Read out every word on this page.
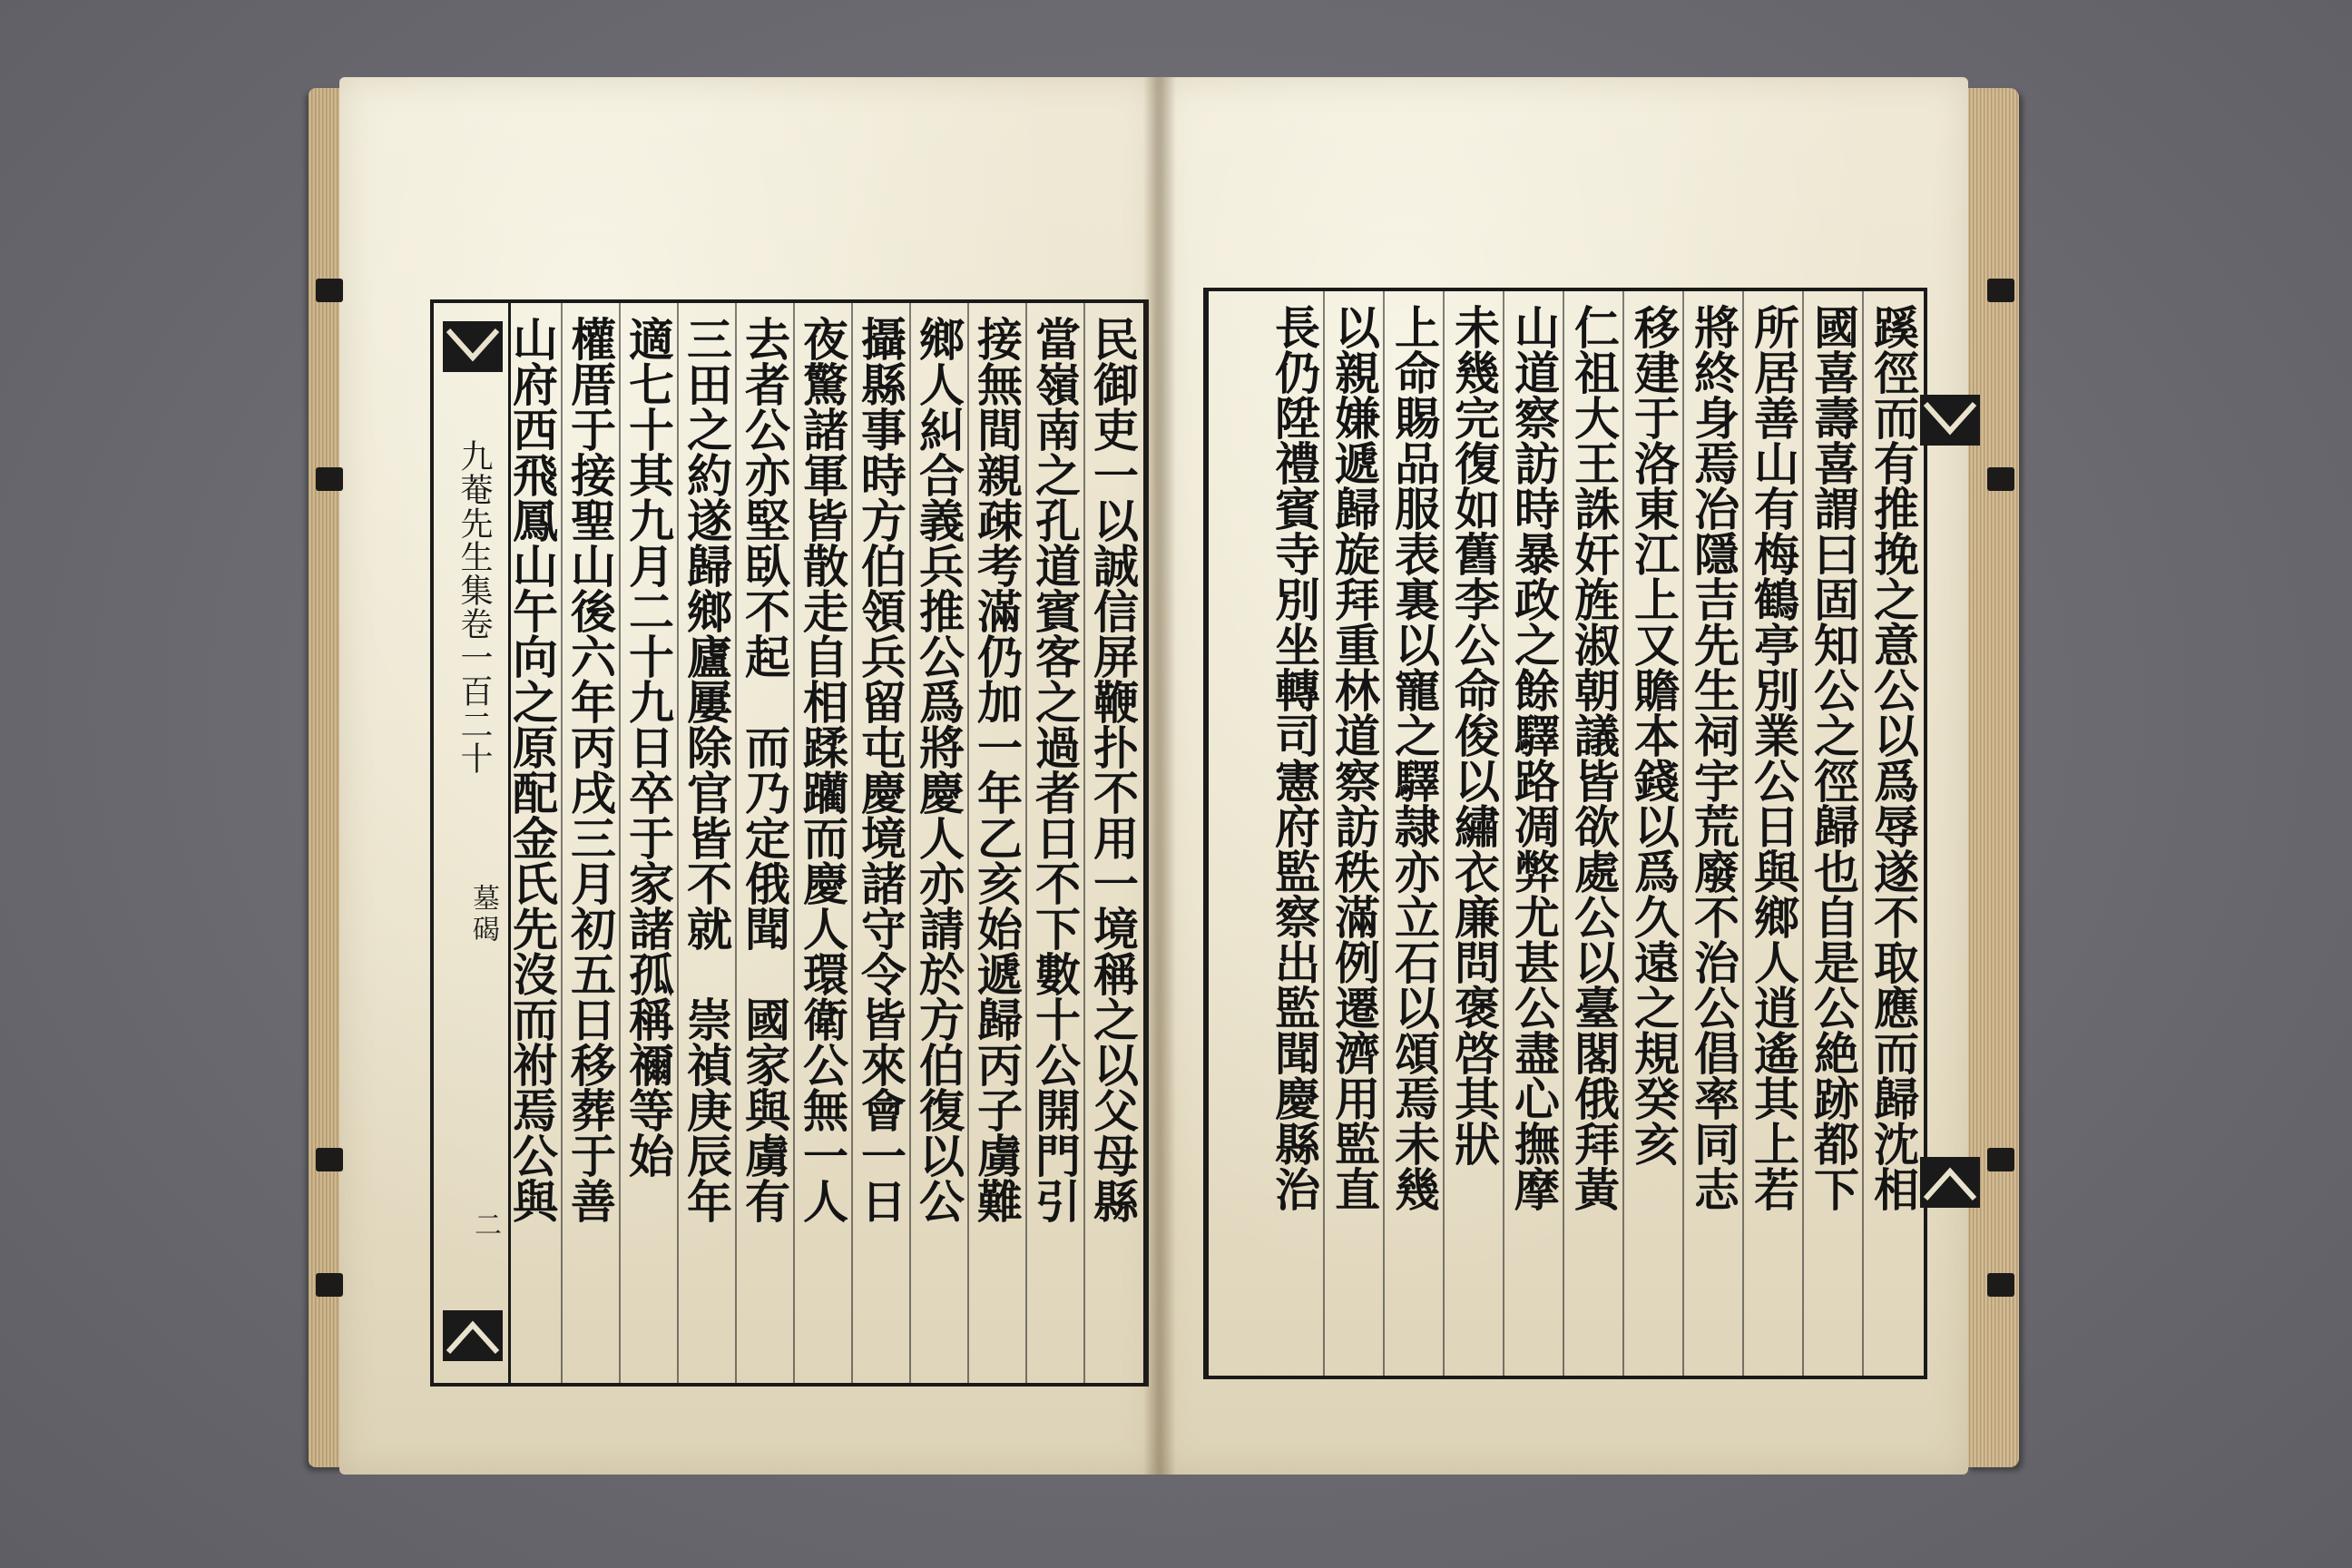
九菴先生集卷一百二十
墓碣
二
民御吏一以誠信屏鞭扑不用一境稱之以父母縣
當嶺南之孔道賓客之過者日不下數十公開門引
接無間親疎考滿仍加一年乙亥始遞歸丙子虜難
鄉人糾合義兵推公爲將慶人亦請於方伯復以公
攝縣事時方伯領兵留屯慶境諸守令皆來會一日
夜驚諸軍皆散走自相蹂躪而慶人環衛公無一人
去者公亦堅臥不起　而乃定俄聞　國家與虜有
三田之約遂歸鄉廬屢除官皆不就　崇禎庚辰年
適七十其九月二十九日卒于家諸孤稱禰等始
權厝于接聖山後六年丙戌三月初五日移葬于善
山府西飛鳳山午向之原配金氏先沒而祔焉公與	蹊徑而有推挽之意公以爲辱遂不取應而歸沈相
國喜壽喜謂曰固知公之徑歸也自是公絶跡都下
所居善山有梅鶴亭別業公日與鄉人逍遙其上若
將終身焉冶隱吉先生祠宇荒廢不治公倡率同志
移建于洛東江上又贍本錢以爲久遠之規癸亥
仁祖大王誅奸旌淑朝議皆欲處公以臺閣俄拜黃
山道察訪時暴政之餘驛路凋弊尤甚公盡心撫摩
未幾完復如舊李公命俊以繡衣廉問褒啓其狀
上命賜品服表裏以寵之驛隷亦立石以頌焉未幾
以親嫌遞歸旋拜重林道察訪秩滿例遷濟用監直
長仍陞禮賓寺別坐轉司憲府監察出監聞慶縣治
